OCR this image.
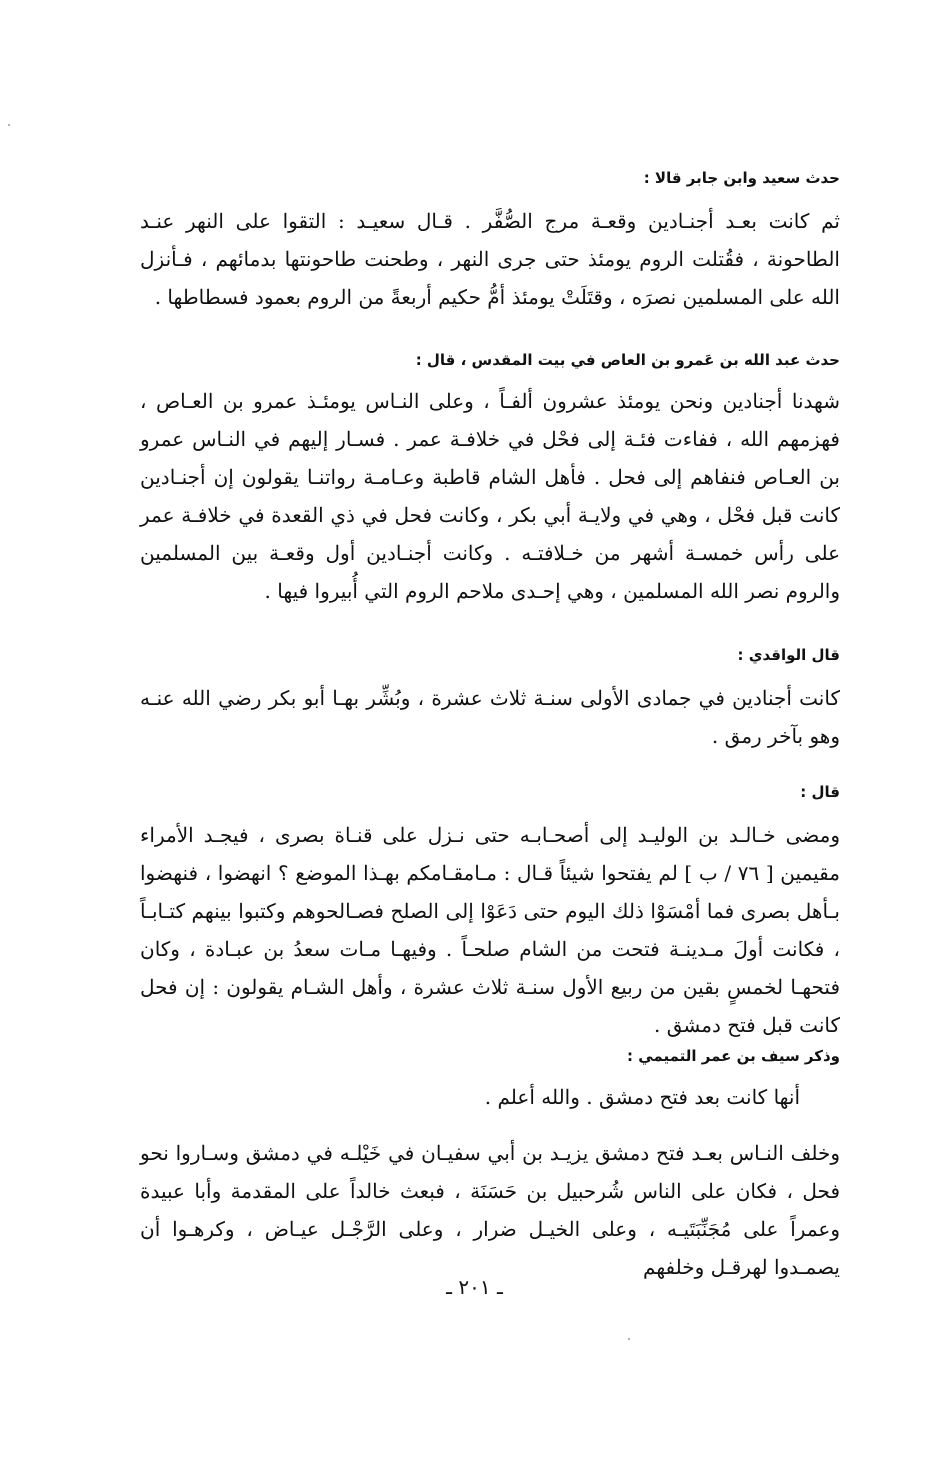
حدث سعيد وابن جابر قالا :

ثم كانت بعـد أجنـادين وقعـة مرج الصُّفَّر . قـال سعيـد : التقوا على النهر عنـد الطاحونة ، فقُتلت الروم يومئذ حتى جرى النهر ، وطحنت طاحونتها بدمائهم ، فـأنزل الله على المسلمين نصرَه ، وقتَلَتْ يومئذ أمُّ حكيم أربعةً من الروم بعمود فسطاطها .

حدث عبد الله بن عَمرو بن العاص في بيت المقدس ، قال :

شهدنا أجنادين ونحن يومئذ عشرون ألفـاً ، وعلى النـاس يومئـذ عمرو بن العـاص ، فهزمهم الله ، ففاءت فئـة إلى فحْل في خلافـة عمر . فسـار إليهم في النـاس عمرو بن العـاص فنفاهم إلى فحل . فأهل الشام قاطبة وعـامـة رواتنـا يقولون إن أجنـادين كانت قبل فحْل ، وهي في ولايـة أبي بكر ، وكانت فحل في ذي القعدة في خلافـة عمر على رأس خمسـة أشهر من خـلافتـه . وكانت أجنـادين أول وقعـة بين المسلمين والروم نصر الله المسلمين ، وهي إحـدى ملاحم الروم التي أُبيروا فيها .

قال الواقدي :

كانت أجنادين في جمادى الأولى سنـة ثلاث عشرة ، وبُشِّر بهـا أبو بكر رضي الله عنـه وهو بآخر رمق .

قال :

ومضى خـالـد بن الوليـد إلى أصحـابـه حتى نـزل على قنـاة بصرى ، فيجـد الأمراء مقيمين [ ٧٦ / ب ] لم يفتحوا شيئاً قـال : مـامقـامكم بهـذا الموضع ؟ انهضوا ، فنهضوا بـأهل بصرى فما أمْسَوْا ذلك اليوم حتى دَعَوْا إلى الصلح فصـالحوهم وكتبوا بينهم كتـابـاً ، فكانت أولَ مـدينـة فتحت من الشام صلحـاً . وفيهـا مـات سعدُ بن عبـادة ، وكان فتحهـا لخمسٍ بقين من ربيع الأول سنـة ثلاث عشرة ، وأهل الشـام يقولون : إن فحل كانت قبل فتح دمشق .

وذكر سيف بن عمر التميمي :

أنها كانت بعد فتح دمشق . والله أعلم .

وخلف النـاس بعـد فتح دمشق يزيـد بن أبي سفيـان في خَيْلـه في دمشق وسـاروا نحو فحل ، فكان على الناس شُرحبيل بن حَسَنَة ، فبعث خالداً على المقدمة وأبا عبيدة وعمراً على مُجَنِّبَتَيـه ، وعلى الخيـل ضرار ، وعلى الرَّجْـل عيـاض ، وكرهـوا أن يصمـدوا لهرقـل وخلفهم

ـ ٢٠١ ـ
